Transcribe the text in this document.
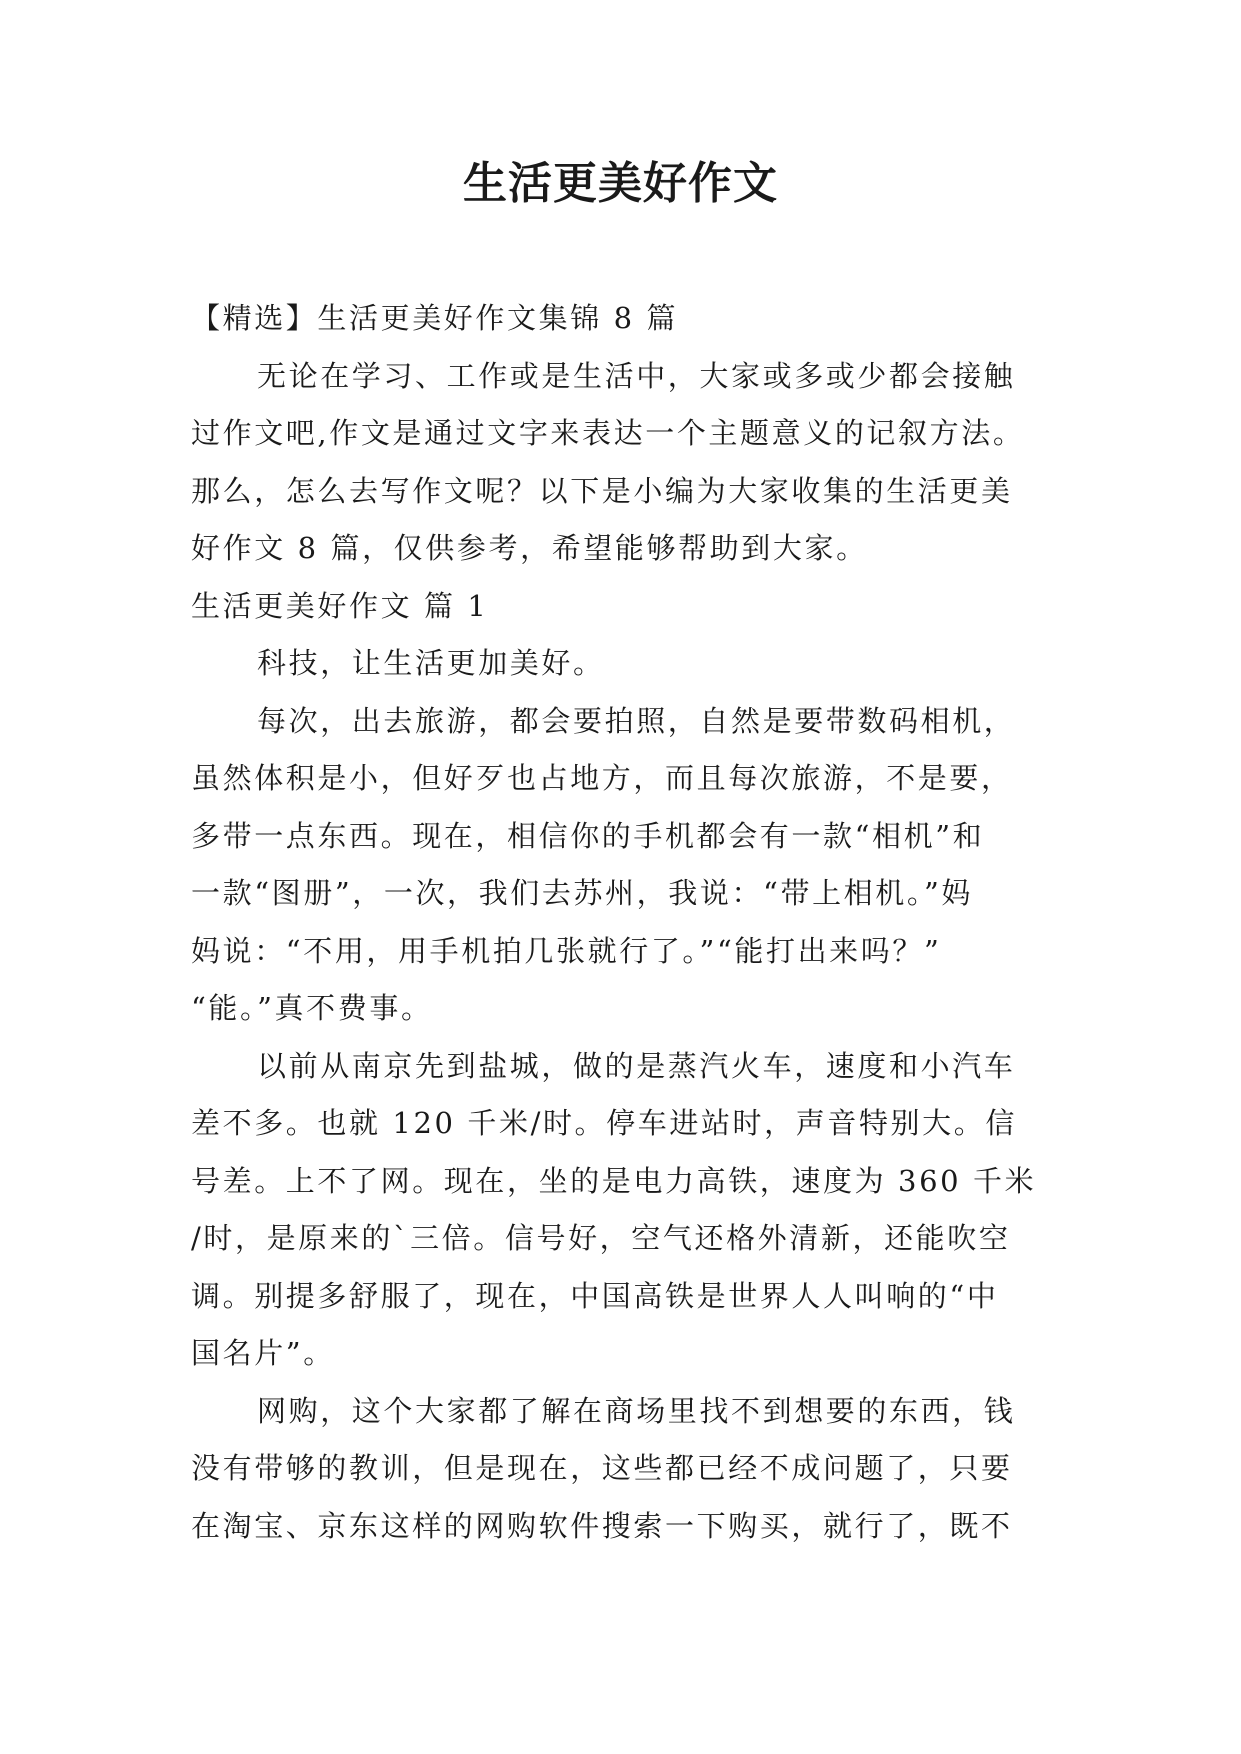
生活更美好作文
【精选】生活更美好作文集锦 8 篇
无论在学习、工作或是生活中，大家或多或少都会接触
过作文吧,作文是通过文字来表达一个主题意义的记叙方法。
那么，怎么去写作文呢？以下是小编为大家收集的生活更美
好作文 8 篇，仅供参考，希望能够帮助到大家。
生活更美好作文 篇 1
科技，让生活更加美好。
每次，出去旅游，都会要拍照，自然是要带数码相机，
虽然体积是小，但好歹也占地方，而且每次旅游，不是要，
多带一点东西。现在，相信你的手机都会有一款“相机”和
一款“图册”，一次，我们去苏州，我说：“带上相机。”妈
妈说：“不用，用手机拍几张就行了。”“能打出来吗？”
“能。”真不费事。
以前从南京先到盐城，做的是蒸汽火车，速度和小汽车
差不多。也就 120 千米/时。停车进站时，声音特别大。信
号差。上不了网。现在，坐的是电力高铁，速度为 360 千米
/时，是原来的`三倍。信号好，空气还格外清新，还能吹空
调。别提多舒服了，现在，中国高铁是世界人人叫响的“中
国名片”。
网购，这个大家都了解在商场里找不到想要的东西，钱
没有带够的教训，但是现在，这些都已经不成问题了，只要
在淘宝、京东这样的网购软件搜索一下购买，就行了，既不
